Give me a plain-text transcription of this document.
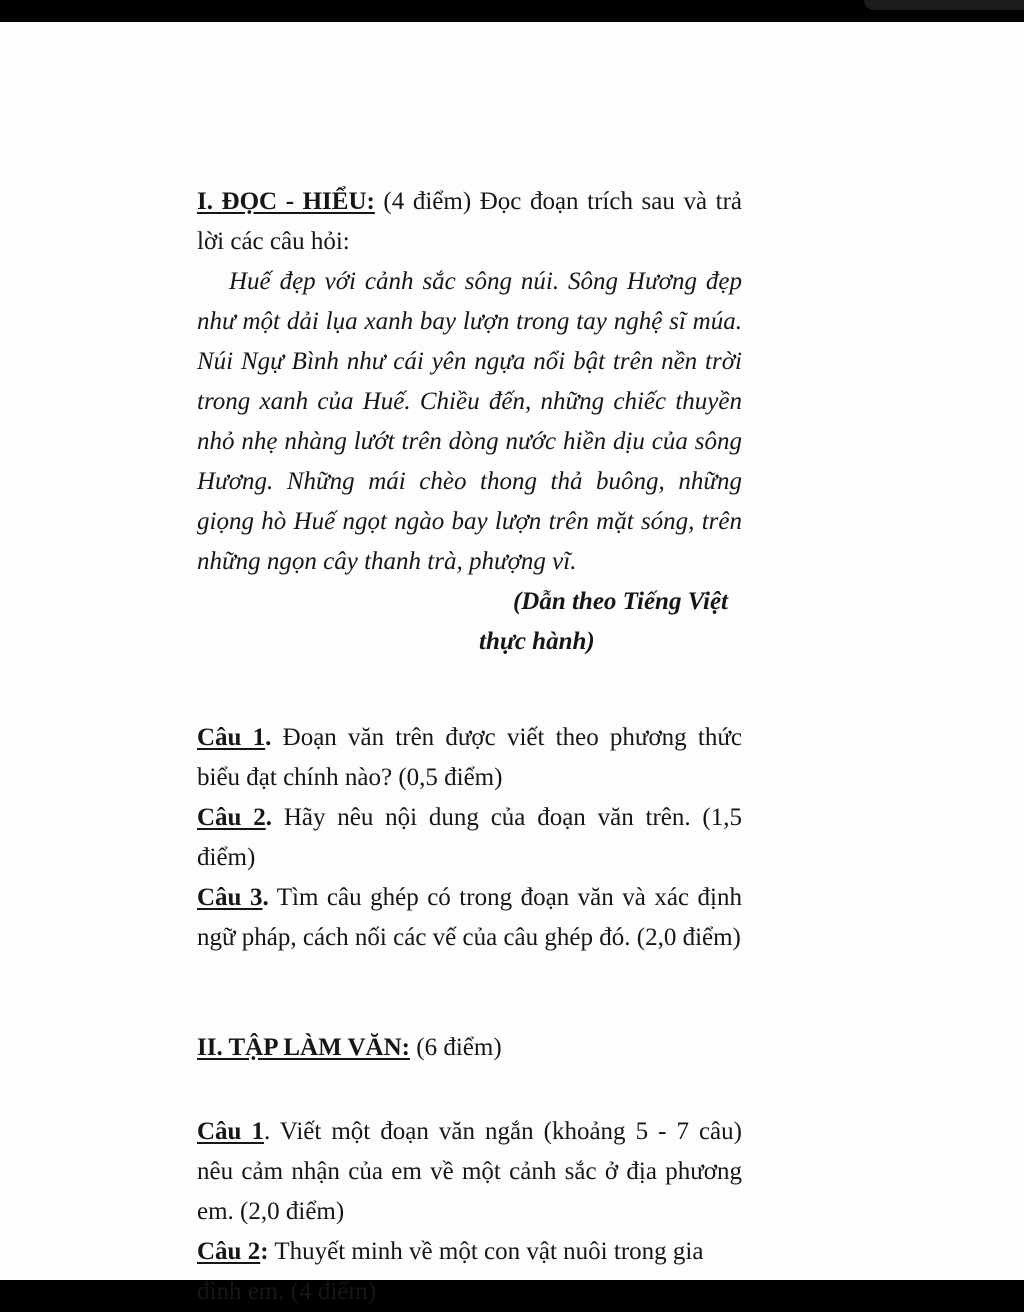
I. ĐỌC - HIỂU: (4 điểm) Đọc đoạn trích sau và trả lời các câu hỏi:

Huế đẹp với cảnh sắc sông núi. Sông Hương đẹp như một dải lụa xanh bay lượn trong tay nghệ sĩ múa. Núi Ngự Bình như cái yên ngựa nổi bật trên nền trời trong xanh của Huế. Chiều đến, những chiếc thuyền nhỏ nhẹ nhàng lướt trên dòng nước hiền dịu của sông Hương. Những mái chèo thong thả buông, những giọng hò Huế ngọt ngào bay lượn trên mặt sóng, trên những ngọn cây thanh trà, phượng vĩ.

(Dẫn theo Tiếng Việt

thực hành)

Câu 1. Đoạn văn trên được viết theo phương thức biểu đạt chính nào? (0,5 điểm)

Câu 2. Hãy nêu nội dung của đoạn văn trên. (1,5 điểm)

Câu 3. Tìm câu ghép có trong đoạn văn và xác định ngữ pháp, cách nối các vế của câu ghép đó. (2,0 điểm)

II. TẬP LÀM VĂN: (6 điểm)

Câu 1. Viết một đoạn văn ngắn (khoảng 5 - 7 câu) nêu cảm nhận của em về một cảnh sắc ở địa phương em. (2,0 điểm)

Câu 2: Thuyết minh về một con vật nuôi trong gia đình em. (4 điểm)
